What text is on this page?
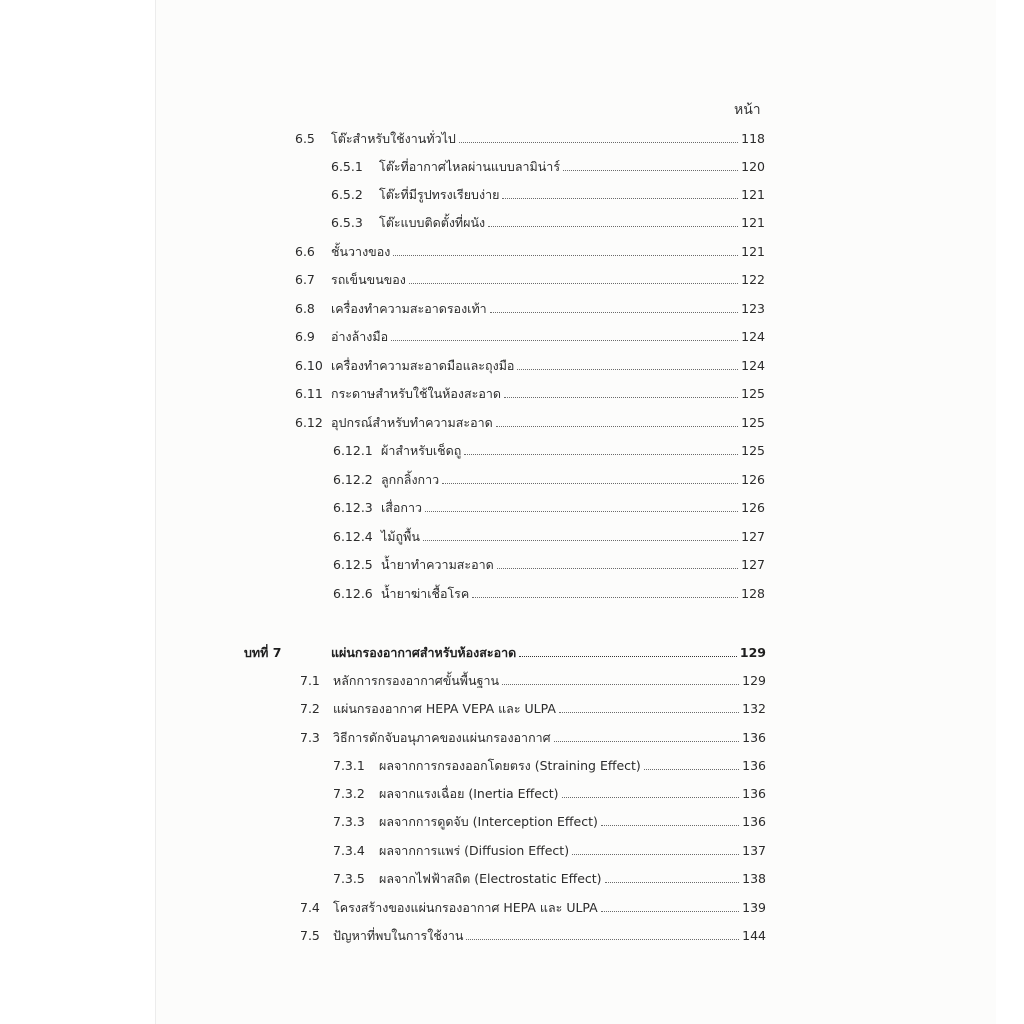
หน้า
6.5	โต๊ะสำหรับใช้งานทั่วไป	118
6.5.1	โต๊ะที่อากาศไหลผ่านแบบลามิน่าร์	120
6.5.2	โต๊ะที่มีรูปทรงเรียบง่าย	121
6.5.3	โต๊ะแบบติดตั้งที่ผนัง	121
6.6	ชั้นวางของ	121
6.7	รถเข็นขนของ	122
6.8	เครื่องทำความสะอาดรองเท้า	123
6.9	อ่างล้างมือ	124
6.10 เครื่องทำความสะอาดมือและถุงมือ	124
6.11 กระดาษสำหรับใช้ในห้องสะอาด	125
6.12 อุปกรณ์สำหรับทำความสะอาด	125
6.12.1 ผ้าสำหรับเช็ดถู	125
6.12.2 ลูกกลิ้งกาว	126
6.12.3 เสื่อกาว	126
6.12.4 ไม้ถูพื้น	127
6.12.5 น้ำยาทำความสะอาด	127
6.12.6 น้ำยาฆ่าเชื้อโรค	128
บทที่ 7	แผ่นกรองอากาศสำหรับห้องสะอาด	129
7.1	หลักการกรองอากาศขั้นพื้นฐาน	129
7.2	แผ่นกรองอากาศ HEPA VEPA และ ULPA	132
7.3	วิธีการดักจับอนุภาคของแผ่นกรองอากาศ	136
7.3.1	ผลจากการกรองออกโดยตรง (Straining Effect)	136
7.3.2	ผลจากแรงเฉื่อย (Inertia Effect)	136
7.3.3	ผลจากการดูดจับ (Interception Effect)	136
7.3.4	ผลจากการแพร่ (Diffusion Effect)	137
7.3.5	ผลจากไฟฟ้าสถิต (Electrostatic Effect)	138
7.4	โครงสร้างของแผ่นกรองอากาศ HEPA และ ULPA	139
7.5	ปัญหาที่พบในการใช้งาน	144
